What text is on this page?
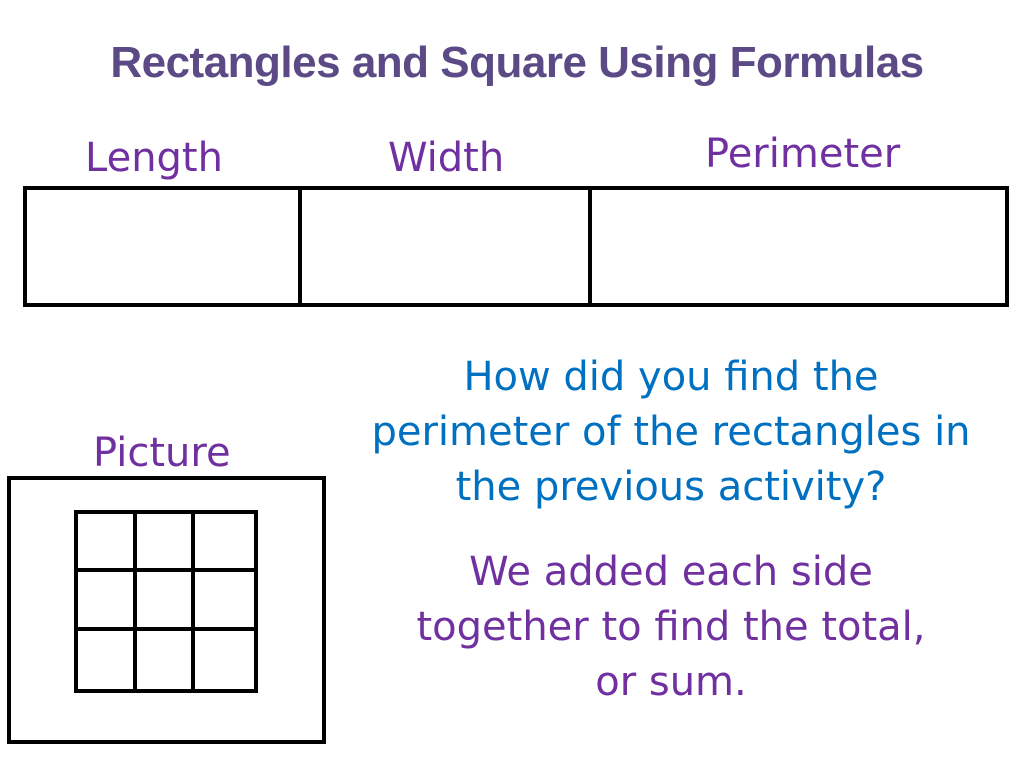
Rectangles and Square Using Formulas
Length	Width	Perimeter
Picture
How did you find the
perimeter of the rectangles in
the previous activity?
We added each side
together to find the total,
or sum.
